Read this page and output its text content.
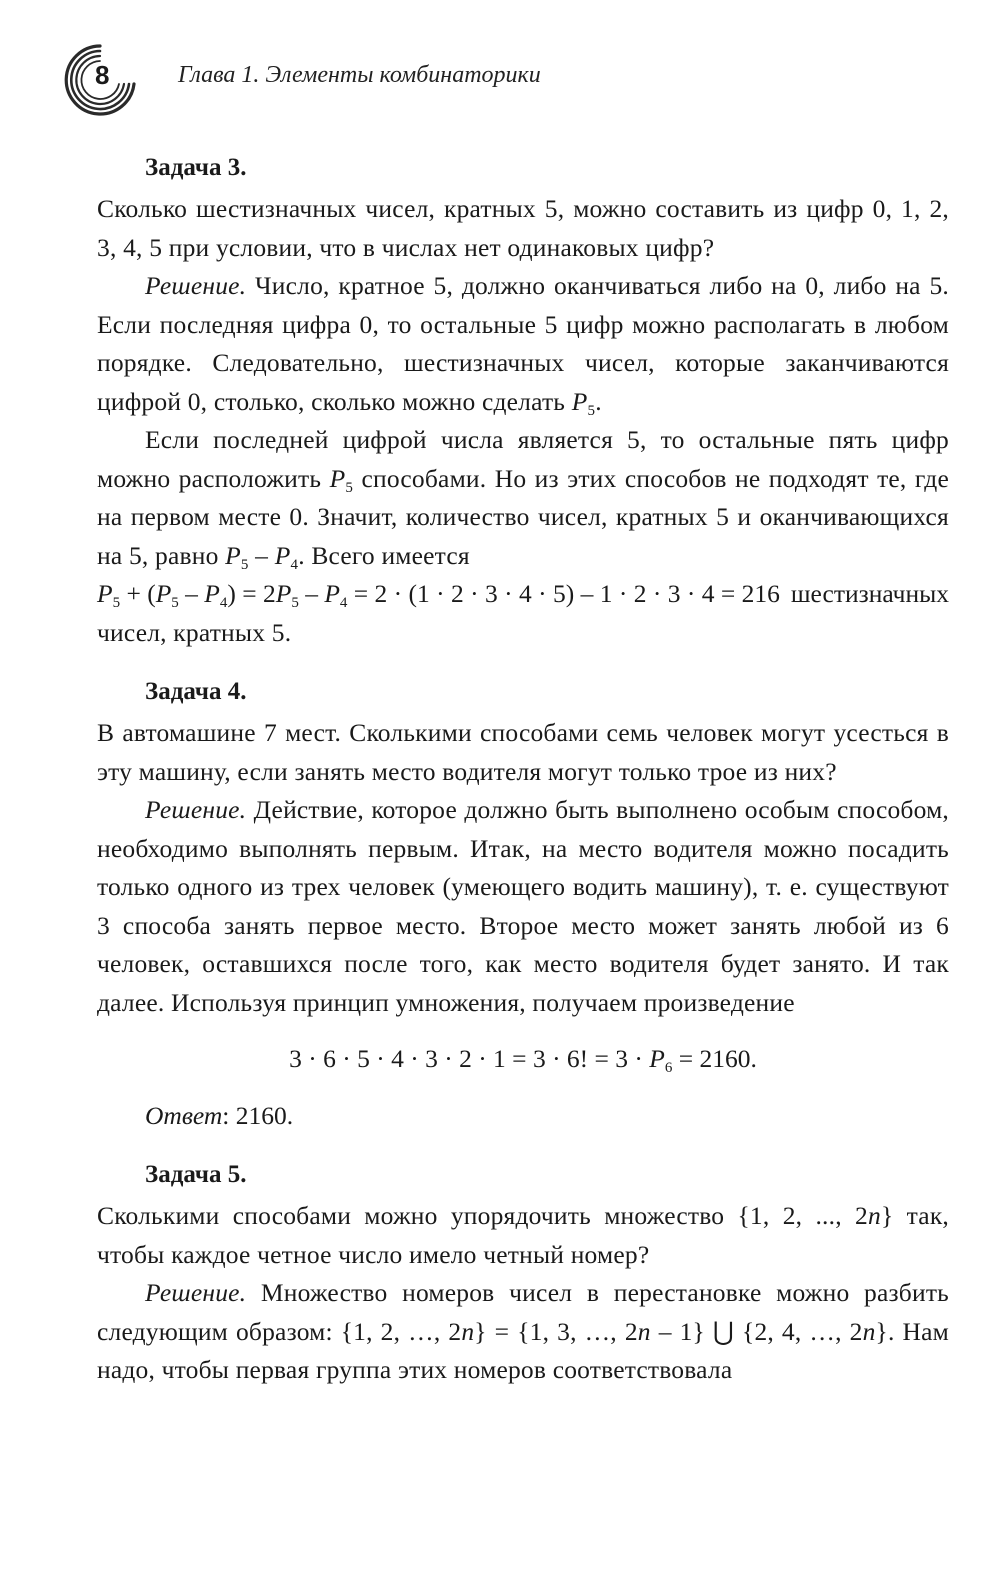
8	Глава 1. Элементы комбинаторики
Задача 3.

Сколько шестизначных чисел, кратных 5, можно составить из цифр 0, 1, 2, 3, 4, 5 при условии, что в числах нет одинаковых цифр?

Решение. Число, кратное 5, должно оканчиваться либо на 0, либо на 5. Если последняя цифра 0, то остальные 5 цифр можно располагать в любом порядке. Следовательно, шестизначных чисел, которые заканчиваются цифрой 0, столько, сколько можно сделать $P_5$.

Если последней цифрой числа является 5, то остальные пять цифр можно расположить $P_5$ способами. Но из этих способов не подходят те, где на первом месте 0. Значит, количество чисел, кратных 5 и оканчивающихся на 5, равно $P_5 - P_4$. Всего имеется

$P_5 + (P_5 - P_4) = 2P_5 - P_4 = 2 \cdot (1 \cdot 2 \cdot 3 \cdot 4 \cdot 5) - 1 \cdot 2 \cdot 3 \cdot 4 = 216$ шестизначных

чисел, кратных 5.

Задача 4.

В автомашине 7 мест. Сколькими способами семь человек могут усесться в эту машину, если занять место водителя могут только трое из них?

Решение. Действие, которое должно быть выполнено особым способом, необходимо выполнять первым. Итак, на место водителя можно посадить только одного из трех человек (умеющего водить машину), т. е. существуют 3 способа занять первое место. Второе место может занять любой из 6 человек, оставшихся после того, как место водителя будет занято. И так далее. Используя принцип умножения, получаем произведение

3 · 6 · 5 · 4 · 3 · 2 · 1 = 3 · 6! = $3 \cdot P_6 = 2160$.
Ответ: 2160.
Задача 5.

Сколькими способами можно упорядочить множество {1, 2, ..., 2n} так, чтобы каждое четное число имело четный номер?

Решение. Множество номеров чисел в перестановке можно разбить следующим образом: {1, 2, …, 2n} = {1, 3, …, 2n – 1} ⋃ {2, 4, …, 2n}. Нам надо, чтобы первая группа этих номеров соответствовала
